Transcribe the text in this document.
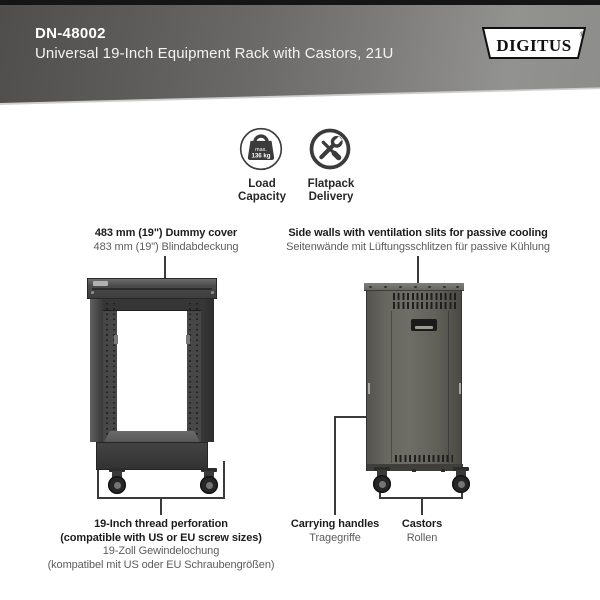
DN-48002
Universal 19-Inch Equipment Rack with Castors, 21U	DIGITUS
®
max.
136 kg
Load
Capacity
Flatpack
Delivery
483 mm (19") Dummy cover
483 mm (19") Blindabdeckung
Side walls with ventilation slits for passive cooling
Seitenwände mit Lüftungsschlitzen für passive Kühlung
19-Inch thread perforation
(compatible with US or EU screw sizes)
19-Zoll Gewindelochung
(kompatibel mit US oder EU Schraubengrößen)
Carrying handles
Tragegriffe
Castors
Rollen
